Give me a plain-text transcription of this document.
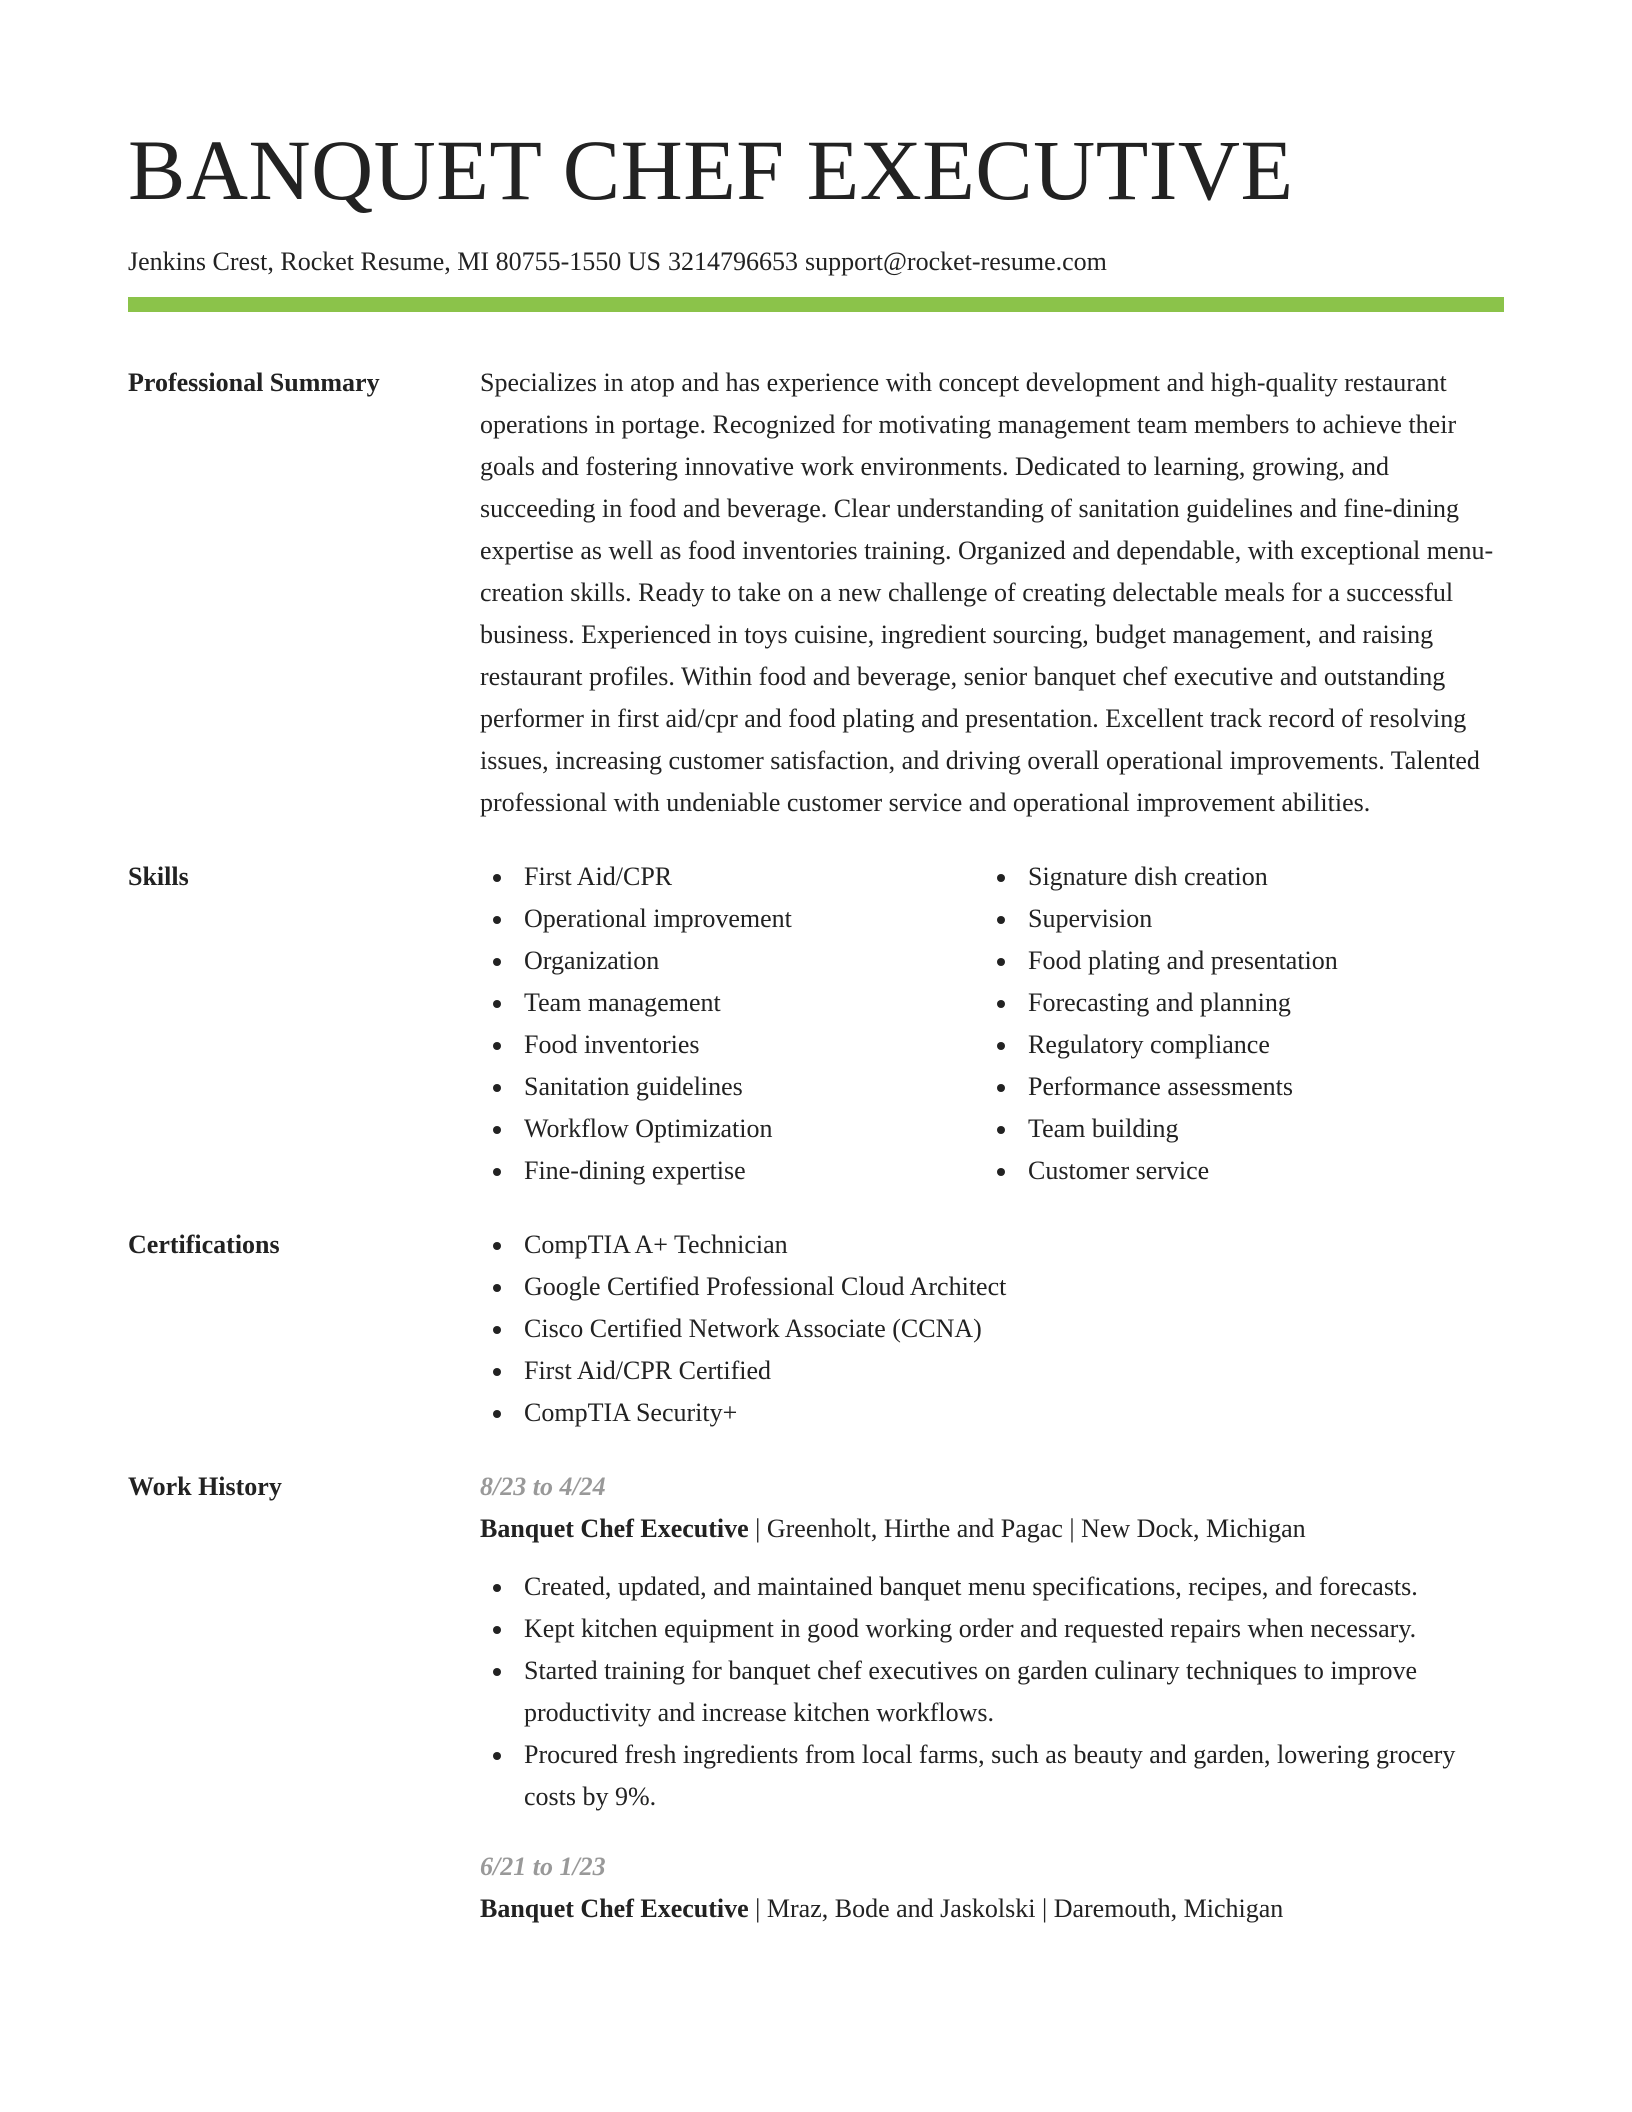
BANQUET CHEF EXECUTIVE
Jenkins Crest, Rocket Resume, MI 80755-1550 US 3214796653 support@rocket-resume.com
Professional Summary	Specializes in atop and has experience with concept development and high-quality restaurant operations in portage. Recognized for motivating management team members to achieve their goals and fostering innovative work environments. Dedicated to learning, growing, and succeeding in food and beverage. Clear understanding of sanitation guidelines and fine-dining expertise as well as food inventories training. Organized and dependable, with exceptional menu-creation skills. Ready to take on a new challenge of creating delectable meals for a successful business. Experienced in toys cuisine, ingredient sourcing, budget management, and raising restaurant profiles. Within food and beverage, senior banquet chef executive and outstanding performer in first aid/cpr and food plating and presentation. Excellent track record of resolving issues, increasing customer satisfaction, and driving overall operational improvements. Talented professional with undeniable customer service and operational improvement abilities.

Skills	First Aid/CPR
Operational improvement
Organization
Team management
Food inventories
Sanitation guidelines
Workflow Optimization
Fine-dining expertise
Signature dish creation
Supervision
Food plating and presentation
Forecasting and planning
Regulatory compliance
Performance assessments
Team building
Customer service
Certifications	CompTIA A+ Technician
Google Certified Professional Cloud Architect
Cisco Certified Network Associate (CCNA)
First Aid/CPR Certified
CompTIA Security+
Work History	8/23 to 4/24
Banquet Chef Executive | Greenholt, Hirthe and Pagac | New Dock, Michigan
Created, updated, and maintained banquet menu specifications, recipes, and forecasts.
Kept kitchen equipment in good working order and requested repairs when necessary.
Started training for banquet chef executives on garden culinary techniques to improve productivity and increase kitchen workflows.
Procured fresh ingredients from local farms, such as beauty and garden, lowering grocery costs by 9%.
6/21 to 1/23
Banquet Chef Executive | Mraz, Bode and Jaskolski | Daremouth, Michigan
